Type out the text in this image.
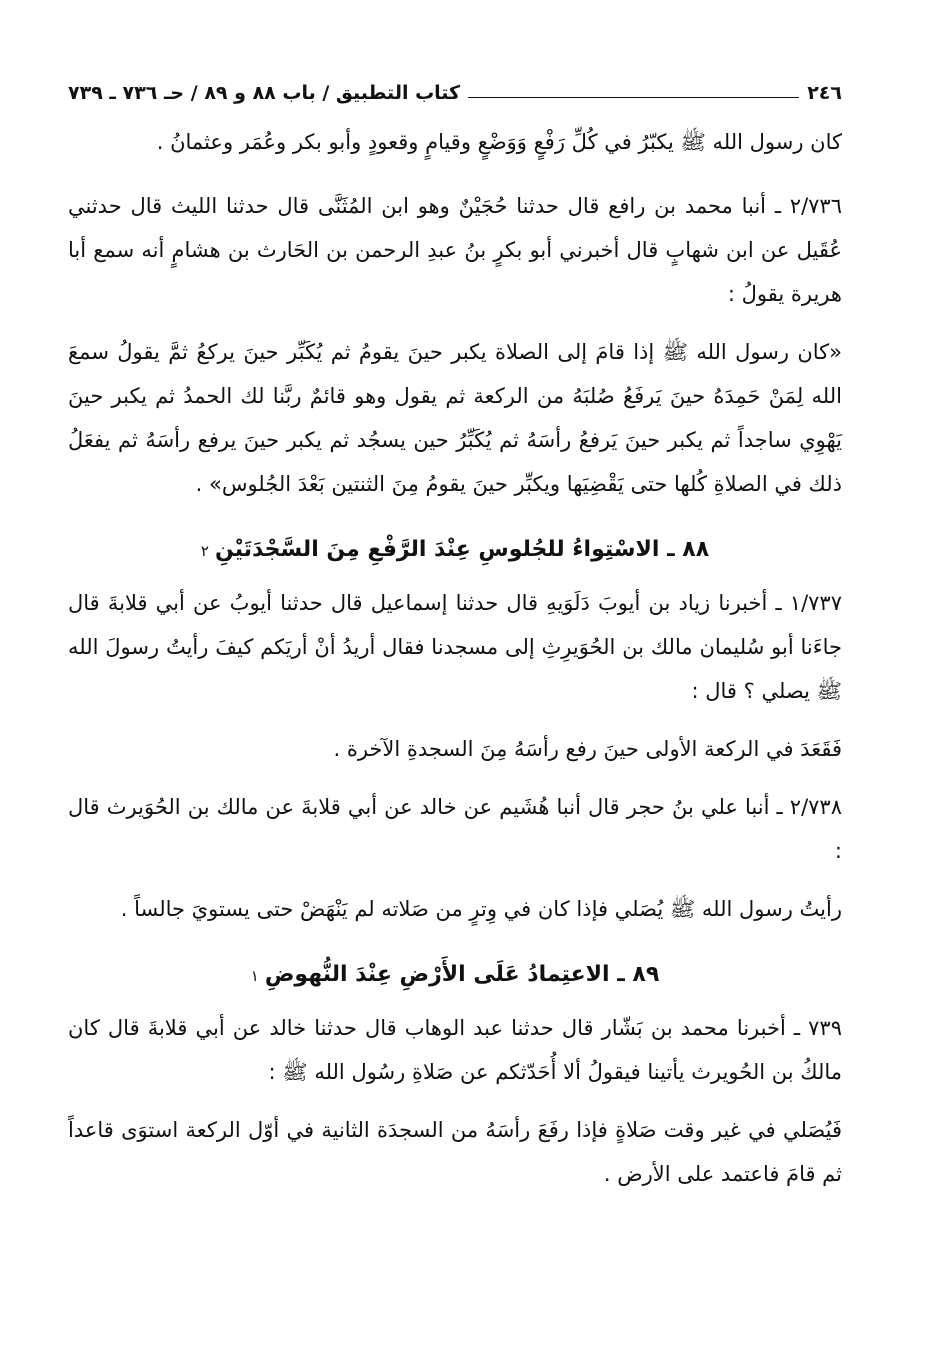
٢٤٦
كتاب التطبيق / باب ٨٨ و ٨٩ / حـ ٧٣٦ ـ ٧٣٩

كان رسول الله ﷺ يكبّرُ في كُلِّ رَفْعٍ وَوَضْعٍ وقيامٍ وقعودٍ وأبو بكر وعُمَر وعثمانُ .

٢/٧٣٦ ـ أنبا محمد بن رافع قال حدثنا حُجَيْنٌ وهو ابن المُثَنَّى قال حدثنا الليث قال حدثني عُقَيل عن ابن شهابٍ قال أخبرني أبو بكرٍ بنُ عبدِ الرحمن بن الحَارث بن هشامٍ أنه سمع أبا هريرة يقولُ :

«كان رسول الله ﷺ إذا قامَ إلى الصلاة يكبر حينَ يقومُ ثم يُكَبِّر حينَ يركعُ ثمَّ يقولُ سمعَ الله لِمَنْ حَمِدَهُ حينَ يَرفَعُ صُلبَهُ من الركعة ثم يقول وهو قائمٌ ربَّنا لك الحمدُ ثم يكبر حينَ يَهْوِي ساجداً ثم يكبر حينَ يَرفعُ رأسَهُ ثم يُكَبِّرُ حين يسجُد ثم يكبر حينَ يرفع رأسَهُ ثم يفعَلُ ذلك في الصلاةِ كُلها حتى يَقْضِيَها ويكبِّر حينَ يقومُ مِنَ الثنتين بَعْدَ الجُلوس» .

٨٨ ـ الاسْتِواءُ للجُلوسِ عِنْدَ الرَّفْعِ مِنَ السَّجْدَتَيْنِ٢

١/٧٣٧ ـ أخبرنا زياد بن أيوبَ دَلَوَيهِ قال حدثنا إسماعيل قال حدثنا أيوبُ عن أبي قلابةَ قال جاءَنا أبو سُليمان مالك بن الحُوَيرِثِ إلى مسجدنا فقال أريدُ أنْ أريَكم كيفَ رأيتُ رسولَ الله ﷺ يصلي ؟ قال :

فَقَعَدَ في الركعة الأولى حينَ رفع رأسَهُ مِنَ السجدةِ الآخرة .

٢/٧٣٨ ـ أنبا علي بنُ حجر قال أنبا هُشَيم عن خالد عن أبي قلابةَ عن مالك بن الحُوَيرث قال :

رأيتُ رسول الله ﷺ يُصَلي فإذا كان في وِترٍ من صَلاته لم يَنْهَضْ حتى يستويَ جالساً .

٨٩ ـ الاعتِمادُ عَلَى الأَرْضِ عِنْدَ النُّهوضِ١

٧٣٩ ـ أخبرنا محمد بن بَشّار قال حدثنا عبد الوهاب قال حدثنا خالد عن أبي قلابةَ قال كان مالكُ بن الحُويرث يأتينا فيقولُ ألا أُحَدّثكم عن صَلاةِ رسُول الله ﷺ :

فَيُصَلي في غير وقت صَلاةٍ فإذا رفَعَ رأسَهُ من السجدَة الثانية في أوّل الركعة استوَى قاعداً ثم قامَ فاعتمد على الأرض .
